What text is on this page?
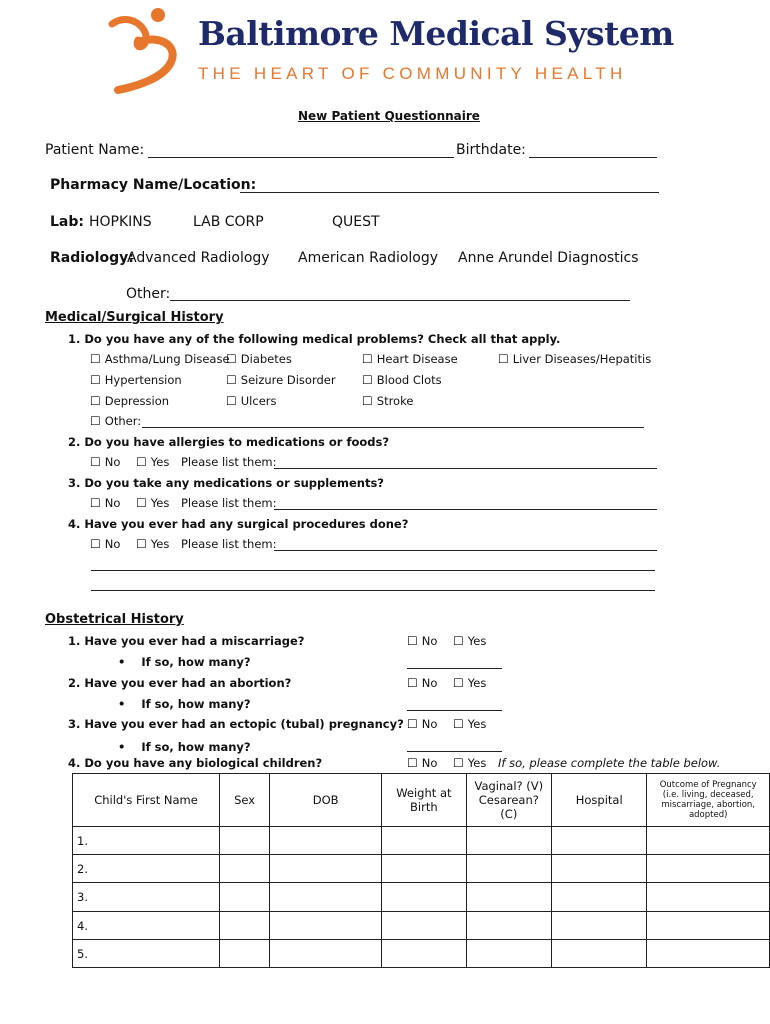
Baltimore Medical System
THE HEART OF COMMUNITY HEALTH
New Patient Questionnaire
Patient Name:	Birthdate:
Pharmacy Name/Location:
Lab: HOPKINS	LAB CORP	QUEST
Radiology:
Advanced Radiology American Radiology Anne Arundel Diagnostics
Other:
Medical/Surgical History
1. Do you have any of the following medical problems? Check all that apply.
☐ Asthma/Lung Disease ☐ Diabetes	☐ Heart Disease	☐ Liver Diseases/Hepatitis
☐ Hypertension	☐ Seizure Disorder	☐ Blood Clots
☐ Depression	☐ Ulcers	☐ Stroke
☐ Other:
2. Do you have allergies to medications or foods?
☐ No	☐ Yes Please list them:
3. Do you take any medications or supplements?
☐ No	☐ Yes Please list them:
4. Have you ever had any surgical procedures done?
☐ No	☐ Yes Please list them:
Obstetrical History
1. Have you ever had a miscarriage?	☐ No	☐ Yes
•    If so, how many?
2. Have you ever had an abortion?	☐ No	☐ Yes
•    If so, how many?
3. Have you ever had an ectopic (tubal) pregnancy?	☐ No	☐ Yes
•    If so, how many?
4. Do you have any biological children?	☐ No	☐ Yes If so, please complete the table below.
Child's First Name	Sex	DOB	Weight at Birth	Vaginal? (V) Cesarean? (C)	Hospital	Outcome of Pregnancy (i.e. living, deceased, miscarriage, abortion, adopted)
1.						
2.						
3.						
4.						
5.						
